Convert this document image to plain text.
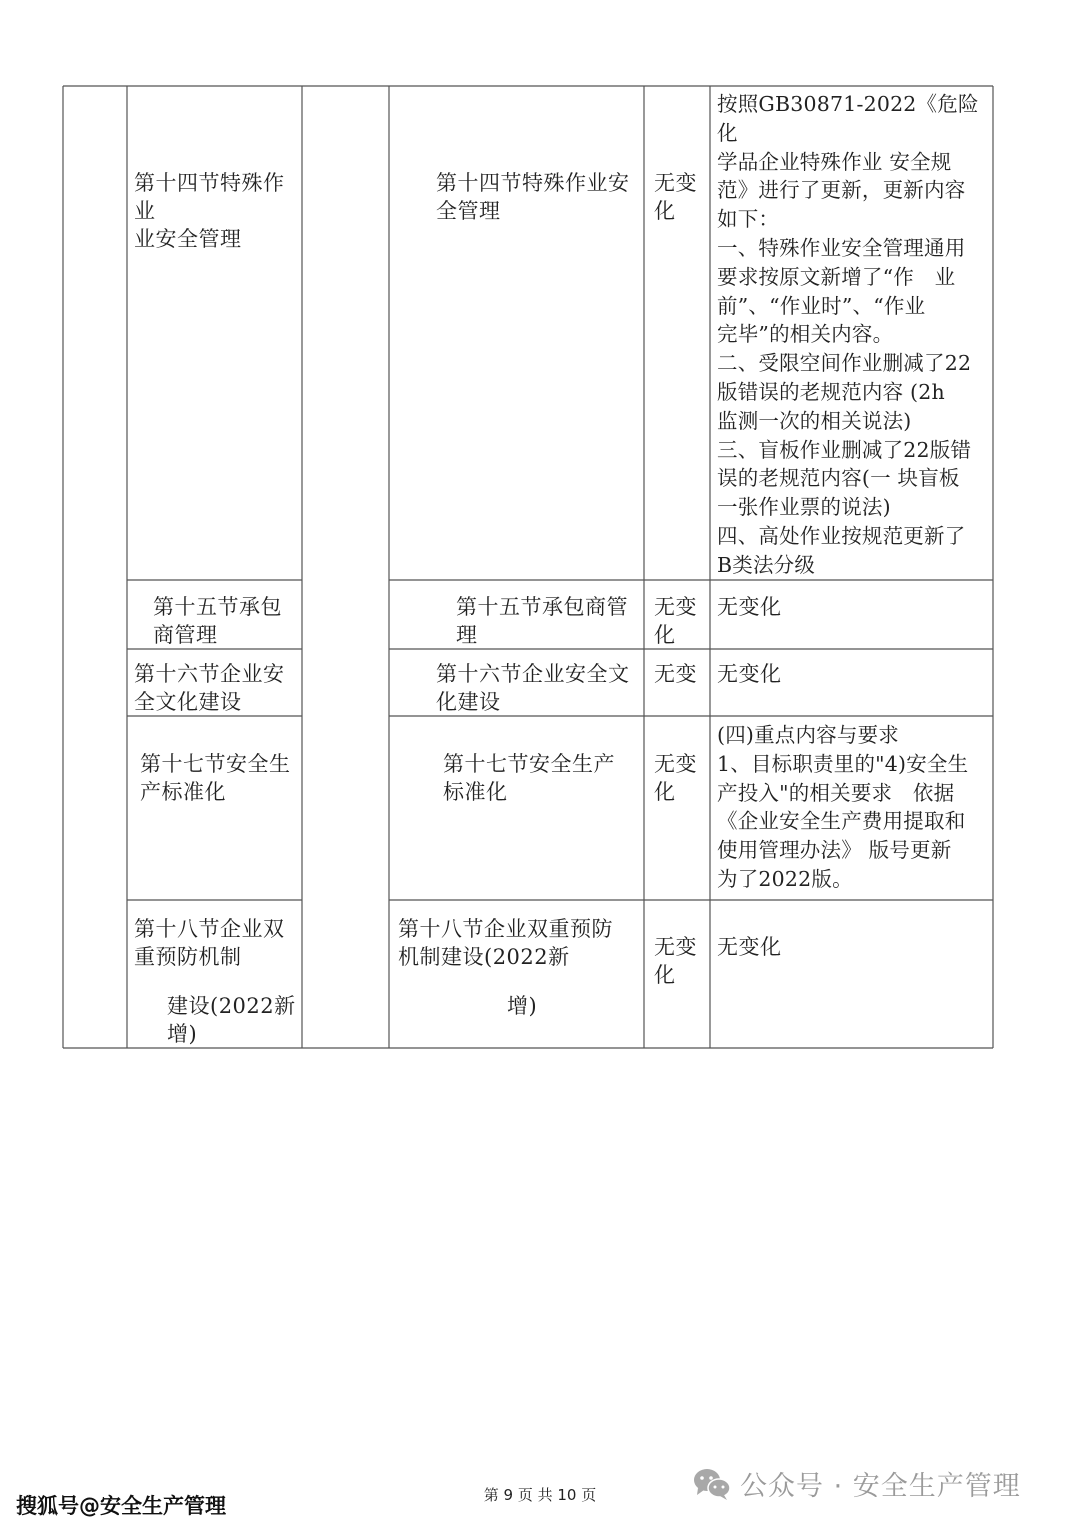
第十四节特殊作业
业安全管理
第十四节特殊作业安
全管理
无变
化
按照GB30871-2022《危险化
学品企业特殊作业 安全规
范》进行了更新，更新内容
如下：
一、特殊作业安全管理通用
要求按原文新增了“作　业
前”、“作业时”、“作业
完毕”的相关内容。
二、受限空间作业删减了22
版错误的老规范内容 (2h
监测一次的相关说法)
三、盲板作业删减了22版错
误的老规范内容(一 块盲板
一张作业票的说法)
四、高处作业按规范更新了
B类法分级
第十五节承包
商管理
第十五节承包商管
理
无变
化
无变化
第十六节企业安
全文化建设
第十六节企业安全文
化建设
无变 无变化
第十七节安全生
产标准化
第十七节安全生产
标准化
无变
化
(四)重点内容与要求
1、目标职责里的"4)安全生
产投入"的相关要求　依据
《企业安全生产费用提取和
使用管理办法》 版号更新
为了2022版。
第十八节企业双
重预防机制
建设(2022新
增)
第十八节企业双重预防
机制建设(2022新
增)
无变
化
无变化
第 9 页 共 10 页	公众号 · 安全生产管理
搜狐号@安全生产管理
